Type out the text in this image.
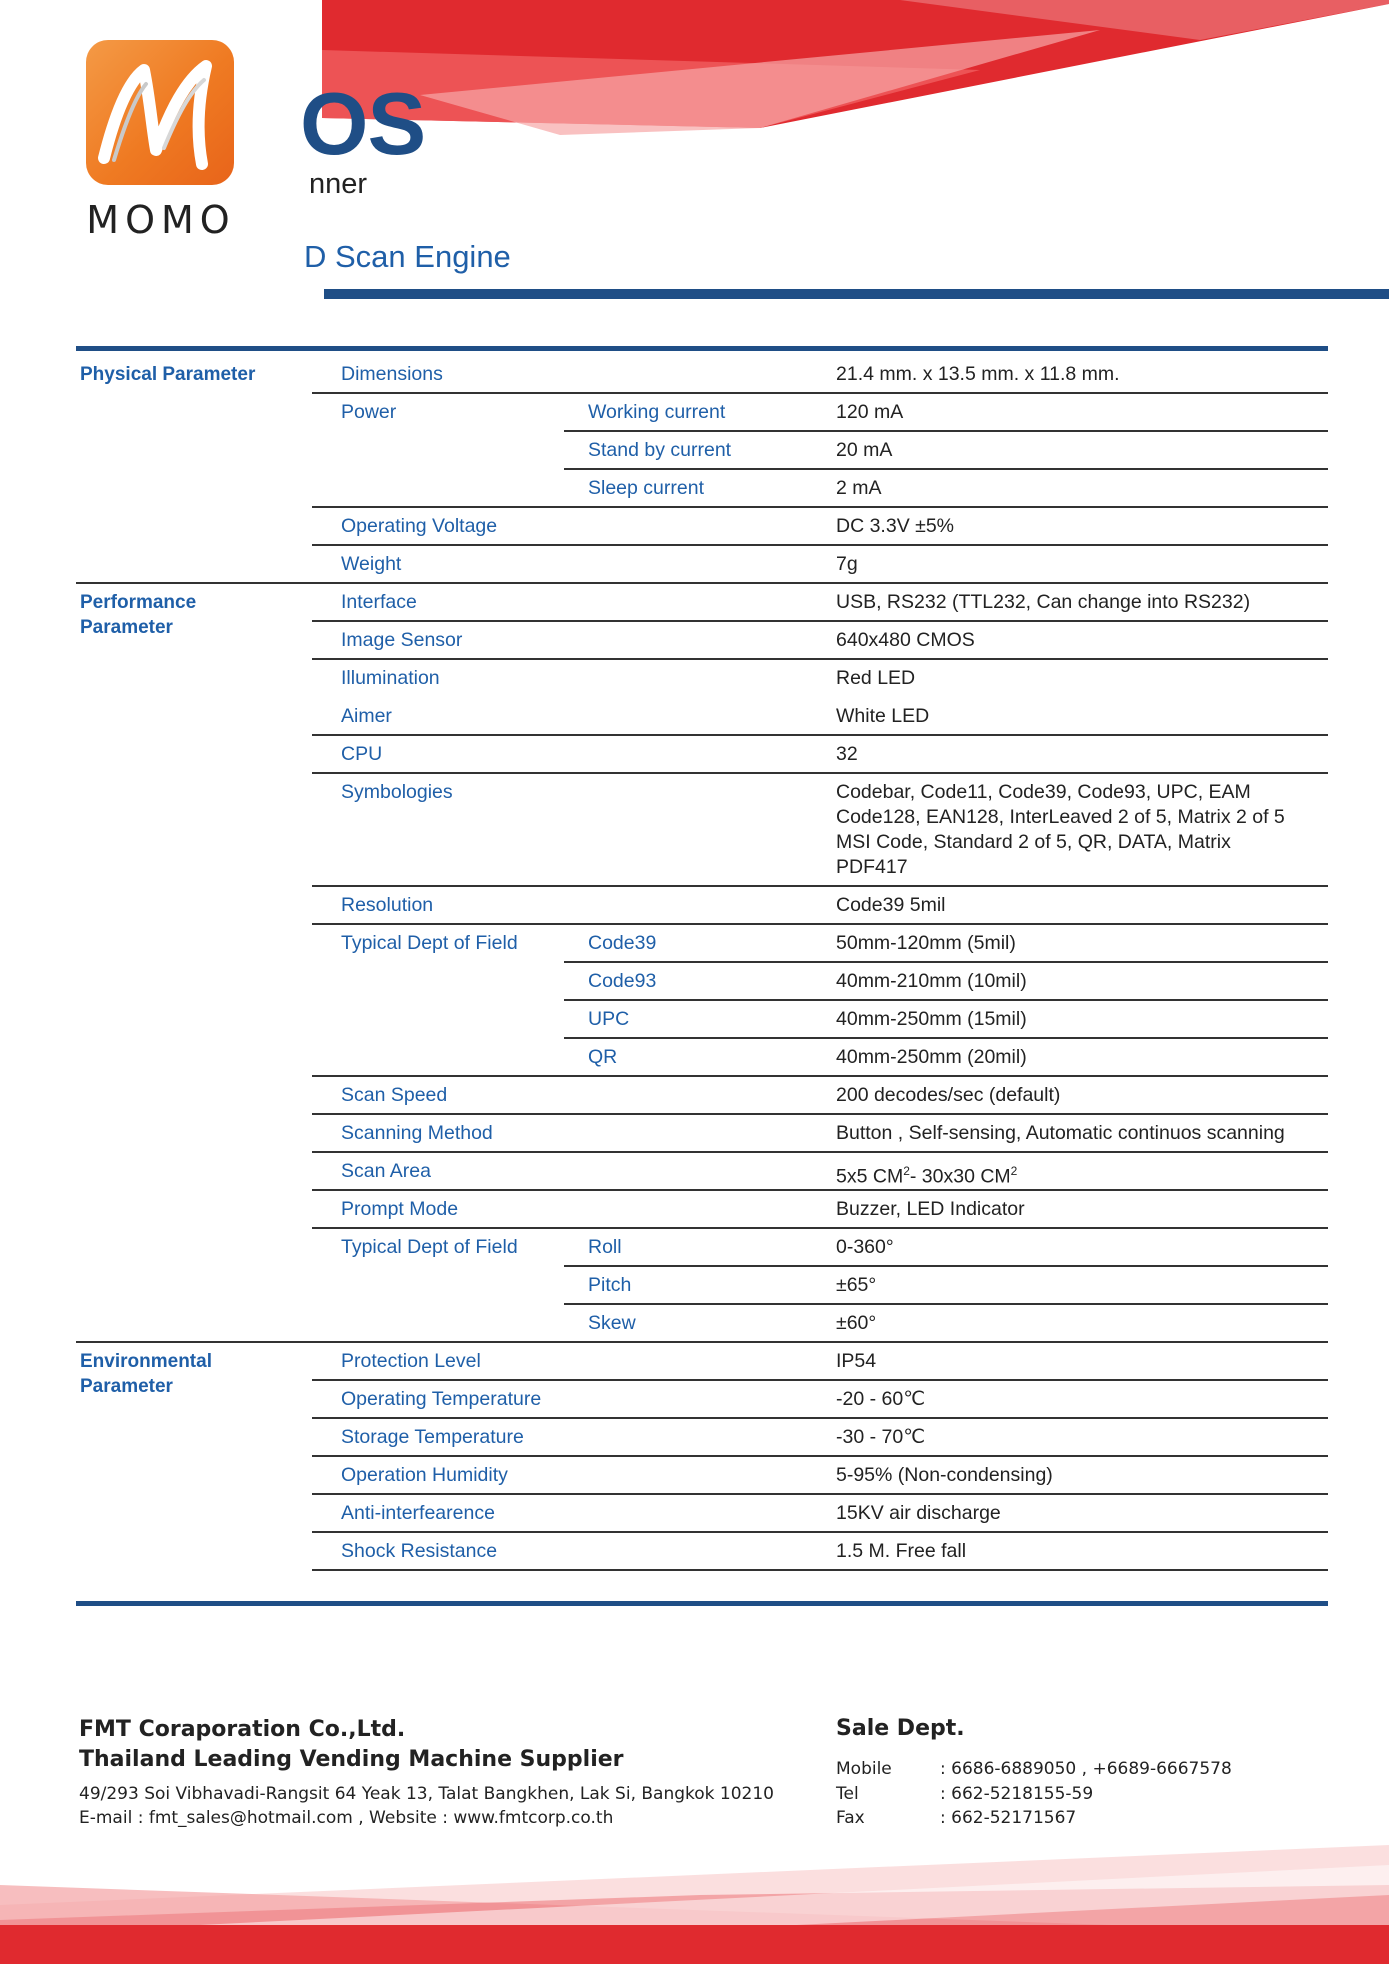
MOMO
OS
nner
D Scan Engine
Physical Parameter	Dimensions	21.4 mm. x 13.5 mm. x 11.8 mm.
Power	Working current	120 mA
Stand by current	20 mA
Sleep current	2 mA
Operating Voltage	DC 3.3V ±5%
Weight	7g
Performance Parameter
Interface	USB, RS232 (TTL232, Can change into RS232)
Image Sensor	640x480 CMOS
Illumination	Red LED
Aimer	White LED
CPU	32
Symbologies	Codebar, Code11, Code39, Code93, UPC, EAM
Code128, EAN128, InterLeaved 2 of 5, Matrix 2 of 5
MSI Code, Standard 2 of 5, QR, DATA, Matrix
PDF417
Resolution	Code39 5mil
Typical Dept of Field	Code39	50mm-120mm (5mil)
Code93	40mm-210mm (10mil)
UPC	40mm-250mm (15mil)
QR	40mm-250mm (20mil)
Scan Speed	200 decodes/sec (default)
Scanning Method	Button , Self-sensing, Automatic continuos scanning
Scan Area	5x5 $CM^2-$ 30x30 $CM^2$
Prompt Mode	Buzzer, LED Indicator
Typical Dept of Field	Roll	0-360°
Pitch	±65°
Skew	±60°
Environmental Parameter
Protection Level	IP54
Operating Temperature	-20 - 60℃
Storage Temperature	-30 - 70℃
Operation Humidity	5-95% (Non-condensing)
Anti-interfearence	15KV air discharge
Shock Resistance	1.5 M. Free fall
FMT Coraporation Co.,Ltd.
Thailand Leading Vending Machine Supplier
49/293 Soi Vibhavadi-Rangsit 64 Yeak 13, Talat Bangkhen, Lak Si, Bangkok 10210
E-mail : fmt_sales@hotmail.com , Website : www.fmtcorp.co.th
Sale Dept.
Mobile	: 6686-6889050 , +6689-6667578
Tel	: 662-5218155-59
Fax	: 662-52171567
